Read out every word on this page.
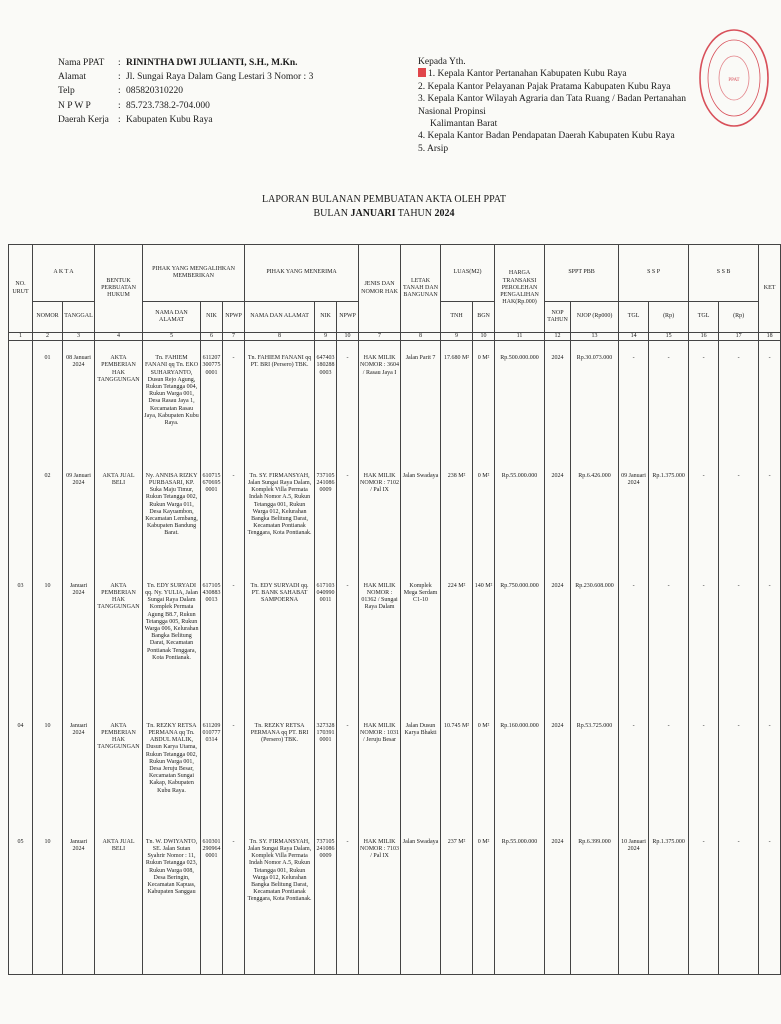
Nama PPAT	: RININTHA DWI JULIANTI, S.H., M.Kn.
Alamat	: Jl. Sungai Raya Dalam Gang Lestari 3 Nomor : 3
Telp	: 085820310220
N P W P	: 85.723.738.2-704.000
Daerah Kerja : Kabupaten Kubu Raya
Kepada Yth.
1. Kepala Kantor Pertanahan Kabupaten Kubu Raya
2. Kepala Kantor Pelayanan Pajak Pratama Kabupaten Kubu Raya
3. Kepala Kantor Wilayah Agraria dan Tata Ruang / Badan Pertanahan Nasional Propinsi
Kalimantan Barat
4. Kepala Kantor Badan Pendapatan Daerah Kabupaten Kubu Raya
5. Arsip
PPAT
LAPORAN BULANAN PEMBUATAN AKTA OLEH PPAT
BULAN JANUARI TAHUN 2024
NO. URUT	A K T A		BENTUK PERBUATAN HUKUM	PIHAK YANG MENGALIHKAN MEMBERIKAN			PIHAK YANG MENERIMA			JENIS DAN NOMOR HAK	LETAK TANAH DAN BANGUNAN	LUAS(M2)		HARGA TRANSAKSI PEROLEHAN PENGALIHAN HAK(Rp.000)	SPPT PBB		S S P		S S B		KET
	NOMOR	TANGGAL		NAMA DAN ALAMAT	NIK	NPWP	NAMA DAN ALAMAT	NIK	NPWP			TNH	BGN		NOP TAHUN	NJOP (Rp000)	TGL	(Rp)	TGL	(Rp)	
1	2	3	4	5	6	7	8	9	10	7	8	9	10	11	12	13	14	15	16	17	18
	01	08 Januari 2024	AKTA PEMBERIAN HAK TANGGUNGAN	Tn. FAHIEM FANANI qq Tn. EKO SUHARYANTO, Dusun Rejo Agung, Rukun Tetangga 004, Rukun Warga 001, Desa Rasau Jaya 1, Kecamatan Rasau Jaya, Kabupaten Kubu Raya.	611207 300775 0001	-	Tn. FAHIEM FANANI qq PT. BRI (Persero) TBK.	647403 180288 0003	-	HAK MILIK NOMOR : 3604 / Rasau Jaya I	Jalan Parit 7	17.680 M²	0 M²	Rp.500.000.000	2024	Rp.30.073.000	-	-	-	-	-
	02	09 Januari 2024	AKTA JUAL BELI	Ny. ANNISA RIZKY PURBASARI, KP. Suka Maju Timur, Rukun Tetangga 002, Rukun Warga 011, Desa Kayuambon, Kecamatan Lembang, Kabupaten Bandung Barat.	610715 670695 0001	-	Tn. SY. FIRMANSYAH, Jalan Sungai Raya Dalam, Komplek Villa Permata Indah Nomor A.5, Rukun Tetangga 001, Rukun Warga 012, Kelurahan Bangka Belitung Darat, Kecamatan Pontianak Tenggara, Kota Pontianak.	737105 241086 0009	-	HAK MILIK NOMOR : 7102 / Pal IX	Jalan Swadaya	238 M²	0 M²	Rp.55.000.000	2024	Rp.6.426.000	09 Januari 2024	Rp.1.375.000	-	-	-
03	10	Januari 2024	AKTA PEMBERIAN HAK TANGGUNGAN	Tn. EDY SURYADI qq. Ny. YULIA, Jalan Sungai Raya Dalam Komplek Permata Agung B8.7, Rukun Tetangga 005, Rukun Warga 006, Kelurahan Bangka Belitung Darat, Kecamatan Pontianak Tenggara, Kota Pontianak.	617105 430883 0013	-	Tn. EDY SURYADI qq. PT. BANK SAHABAT SAMPOERNA	617103 040990 0011	-	HAK MILIK NOMOR : 01362 / Sungai Raya Dalam	Komplek Mega Serdam C1-10	224 M²	140 M²	Rp.750.000.000	2024	Rp.230.608.000	-	-	-	-	-
04	10	Januari 2024	AKTA PEMBERIAN HAK TANGGUNGAN	Tn. REZKY RETSA PERMANA qq Tn. ABDUL MALIK, Dusun Karya Utama, Rukun Tetangga 002, Rukun Warga 001, Desa Jeruju Besar, Kecamatan Sungai Kakap, Kabupaten Kubu Raya.	611209 010777 0314	-	Tn. REZKY RETSA PERMANA qq PT. BRI (Persero) TBK.	327328 170391 0001	-	HAK MILIK NOMOR : 1031 / Jeruju Besar	Jalan Dusun Karya Bhakti	10.745 M²	0 M²	Rp.160.000.000	2024	Rp.53.725.000	-	-	-	-	-
05	10	Januari 2024	AKTA JUAL BELI	Tn. W. DWIYANTO, SE. Jalan Sutan Syahrir Nomor : 11, Rukun Tetangga 023, Rukun Warga 008, Desa Beringin, Kecamatan Kapuas, Kabupaten Sanggau	610301 290964 0001	-	Tn. SY. FIRMANSYAH, Jalan Sungai Raya Dalam, Komplek Villa Permata Indah Nomor A.5, Rukun Tetangga 001, Rukun Warga 012, Kelurahan Bangka Belitung Darat, Kecamatan Pontianak Tenggara, Kota Pontianak.	737105 241086 0009	-	HAK MILIK NOMOR : 7103 / Pal IX	Jalan Swadaya	237 M²	0 M²	Rp.55.000.000	2024	Rp.6.399.000	10 Januari 2024	Rp.1.375.000	-	-	-
